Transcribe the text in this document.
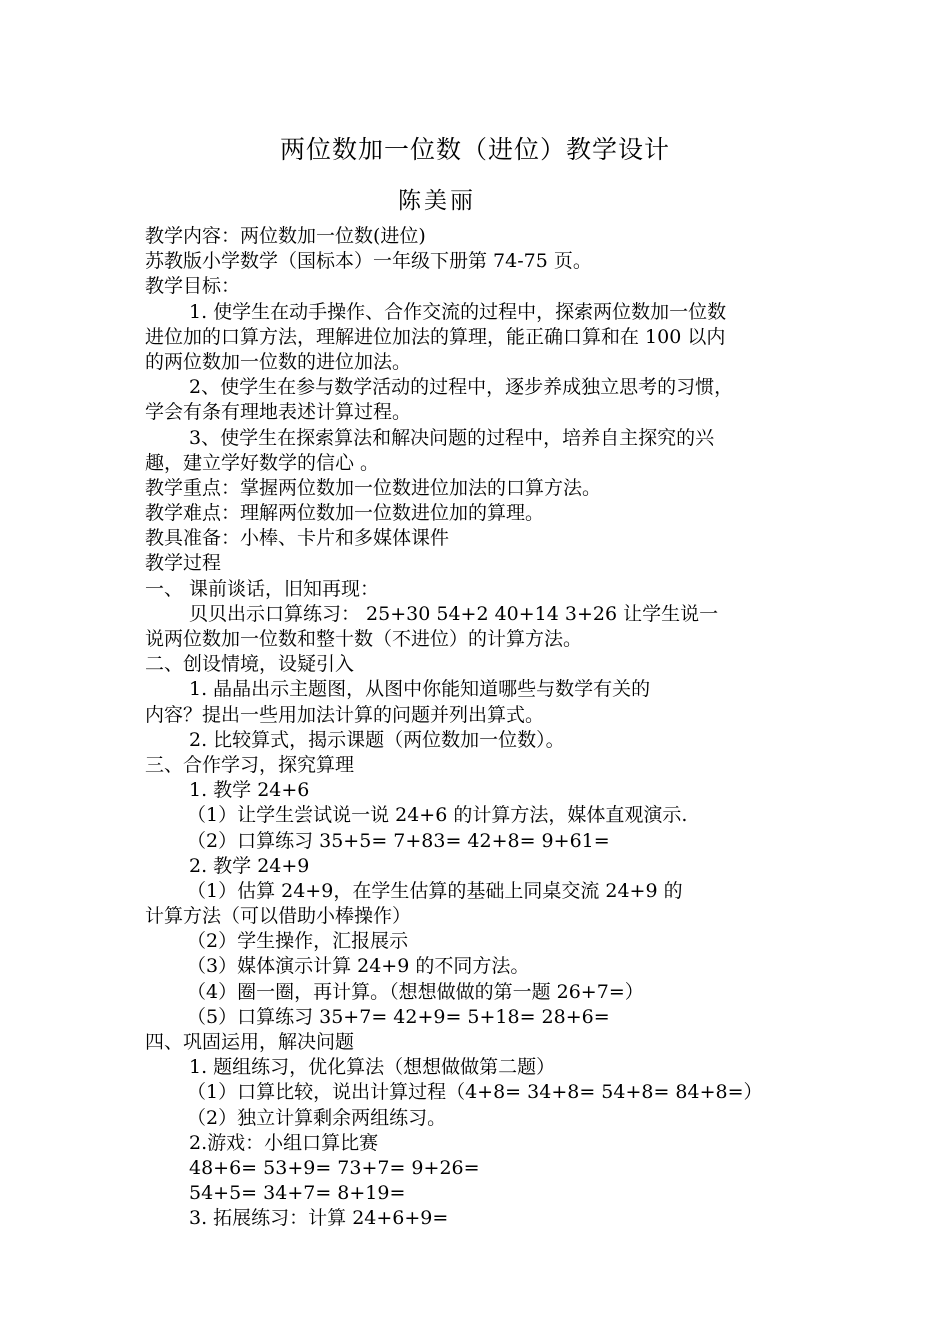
两位数加一位数（进位）教学设计
陈美丽
教学内容：两位数加一位数(进位)
苏教版小学数学（国标本）一年级下册第 74-75 页。
教学目标：
1. 使学生在动手操作、合作交流的过程中，探索两位数加一位数
进位加的口算方法，理解进位加法的算理，能正确口算和在 100 以内
的两位数加一位数的进位加法。
2、使学生在参与数学活动的过程中，逐步养成独立思考的习惯，
学会有条有理地表述计算过程。
3、使学生在探索算法和解决问题的过程中，培养自主探究的兴
趣，建立学好数学的信心 。
教学重点：掌握两位数加一位数进位加法的口算方法。
教学难点：理解两位数加一位数进位加的算理。
教具准备：小棒、卡片和多媒体课件
教学过程
一、 课前谈话，旧知再现：
贝贝出示口算练习： 25+30 54+2 40+14 3+26 让学生说一
说两位数加一位数和整十数（不进位）的计算方法。
二、创设情境，设疑引入
1. 晶晶出示主题图，从图中你能知道哪些与数学有关的
内容？提出一些用加法计算的问题并列出算式。
2. 比较算式，揭示课题（两位数加一位数）。
三、合作学习，探究算理
1. 教学 24+6
（1）让学生尝试说一说 24+6 的计算方法，媒体直观演示.
（2）口算练习 35+5= 7+83= 42+8= 9+61=
2. 教学 24+9
（1）估算 24+9，在学生估算的基础上同桌交流 24+9 的
计算方法（可以借助小棒操作）
（2）学生操作，汇报展示
（3）媒体演示计算 24+9 的不同方法。
（4）圈一圈，再计算。（想想做做的第一题 26+7=）
（5）口算练习 35+7= 42+9= 5+18= 28+6=
四、巩固运用，解决问题
1. 题组练习，优化算法（想想做做第二题）
（1）口算比较，说出计算过程（4+8= 34+8= 54+8= 84+8=）
（2）独立计算剩余两组练习。
2.游戏：小组口算比赛
48+6= 53+9= 73+7= 9+26=
54+5= 34+7= 8+19=
3. 拓展练习：计算 24+6+9=
